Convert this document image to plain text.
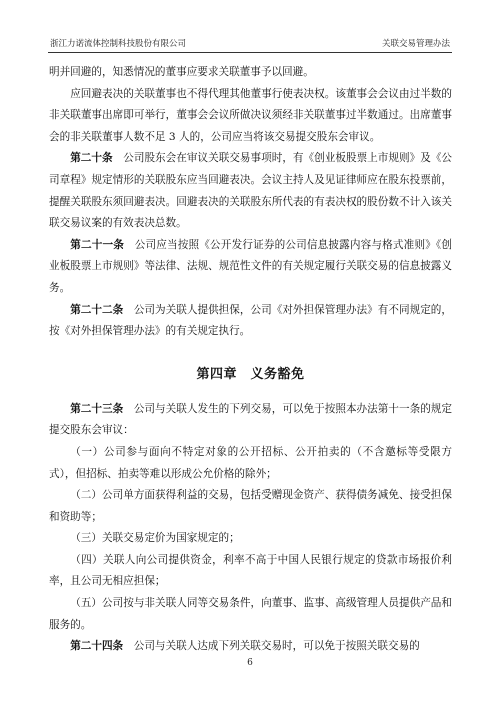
浙江力诺流体控制科技股份有限公司	关联交易管理办法

明并回避的，知悉情况的董事应要求关联董事予以回避。

应回避表决的关联董事也不得代理其他董事行使表决权。该董事会会议由过半数的非关联董事出席即可举行，董事会会议所做决议须经非关联董事过半数通过。出席董事会的非关联董事人数不足 3 人的，公司应当将该交易提交股东会审议。

第二十条　 公司股东会在审议关联交易事项时，有《创业板股票上市规则》及《公司章程》规定情形的关联股东应当回避表决。会议主持人及见证律师应在股东投票前，提醒关联股东须回避表决。回避表决的关联股东所代表的有表决权的股份数不计入该关联交易议案的有效表决总数。

第二十一条　 公司应当按照《公开发行证券的公司信息披露内容与格式准则》《创业板股票上市规则》等法律、法规、规范性文件的有关规定履行关联交易的信息披露义务。

第二十二条　 公司为关联人提供担保，公司《对外担保管理办法》有不同规定的，按《对外担保管理办法》的有关规定执行。

第四章　义务豁免

第二十三条　 公司与关联人发生的下列交易，可以免于按照本办法第十一条的规定提交股东会审议：

（一）公司参与面向不特定对象的公开招标、公开拍卖的（不含邀标等受限方式），但招标、拍卖等难以形成公允价格的除外；

（二）公司单方面获得利益的交易，包括受赠现金资产、获得债务减免、接受担保和资助等；

（三）关联交易定价为国家规定的；

（四）关联人向公司提供资金，利率不高于中国人民银行规定的贷款市场报价利率，且公司无相应担保；

（五）公司按与非关联人同等交易条件，向董事、监事、高级管理人员提供产品和服务的。

第二十四条　 公司与关联人达成下列关联交易时，可以免于按照关联交易的

6
